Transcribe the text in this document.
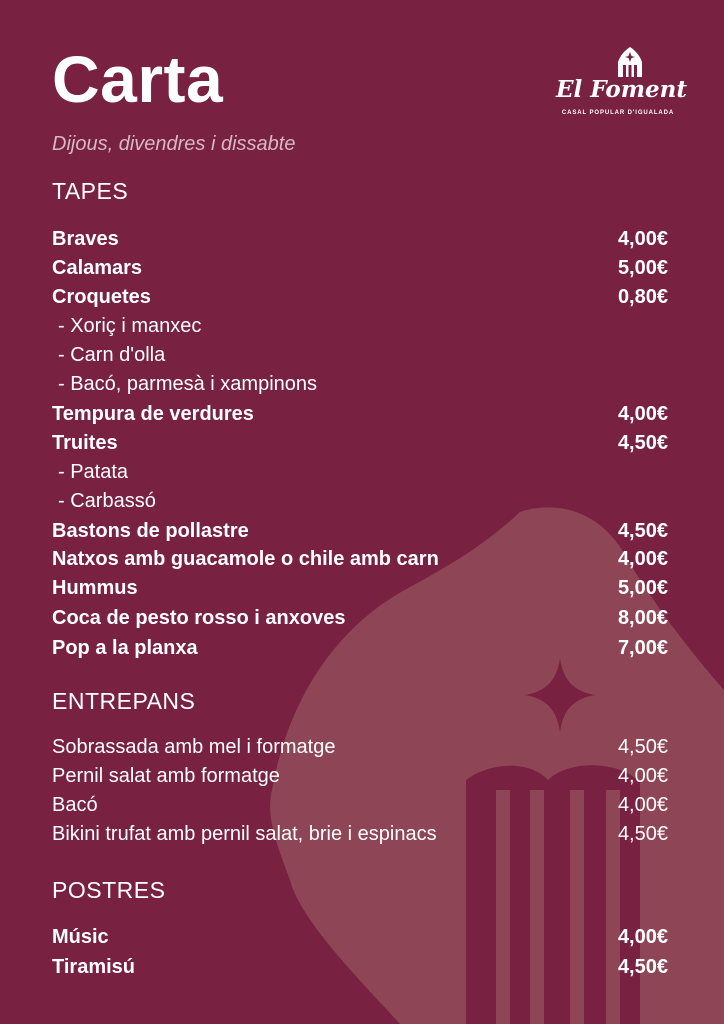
Carta
Dijous, divendres i dissabte
El Foment
CASAL POPULAR D'IGUALADA
TAPES
Braves	4,00€
Calamars	5,00€
Croquetes	0,80€
- Xoriç i manxec
- Carn d'olla
- Bacó, parmesà i xampinons
Tempura de verdures	4,00€
Truites	4,50€
- Patata
- Carbassó
Bastons de pollastre	4,50€
Natxos amb guacamole o chile amb carn	4,00€
Hummus	5,00€
Coca de pesto rosso i anxoves	8,00€
Pop a la planxa	7,00€
ENTREPANS
Sobrassada amb mel i formatge	4,50€
Pernil salat amb formatge	4,00€
Bacó	4,00€
Bikini trufat amb pernil salat, brie i espinacs	4,50€
POSTRES
Músic	4,00€
Tiramisú	4,50€
